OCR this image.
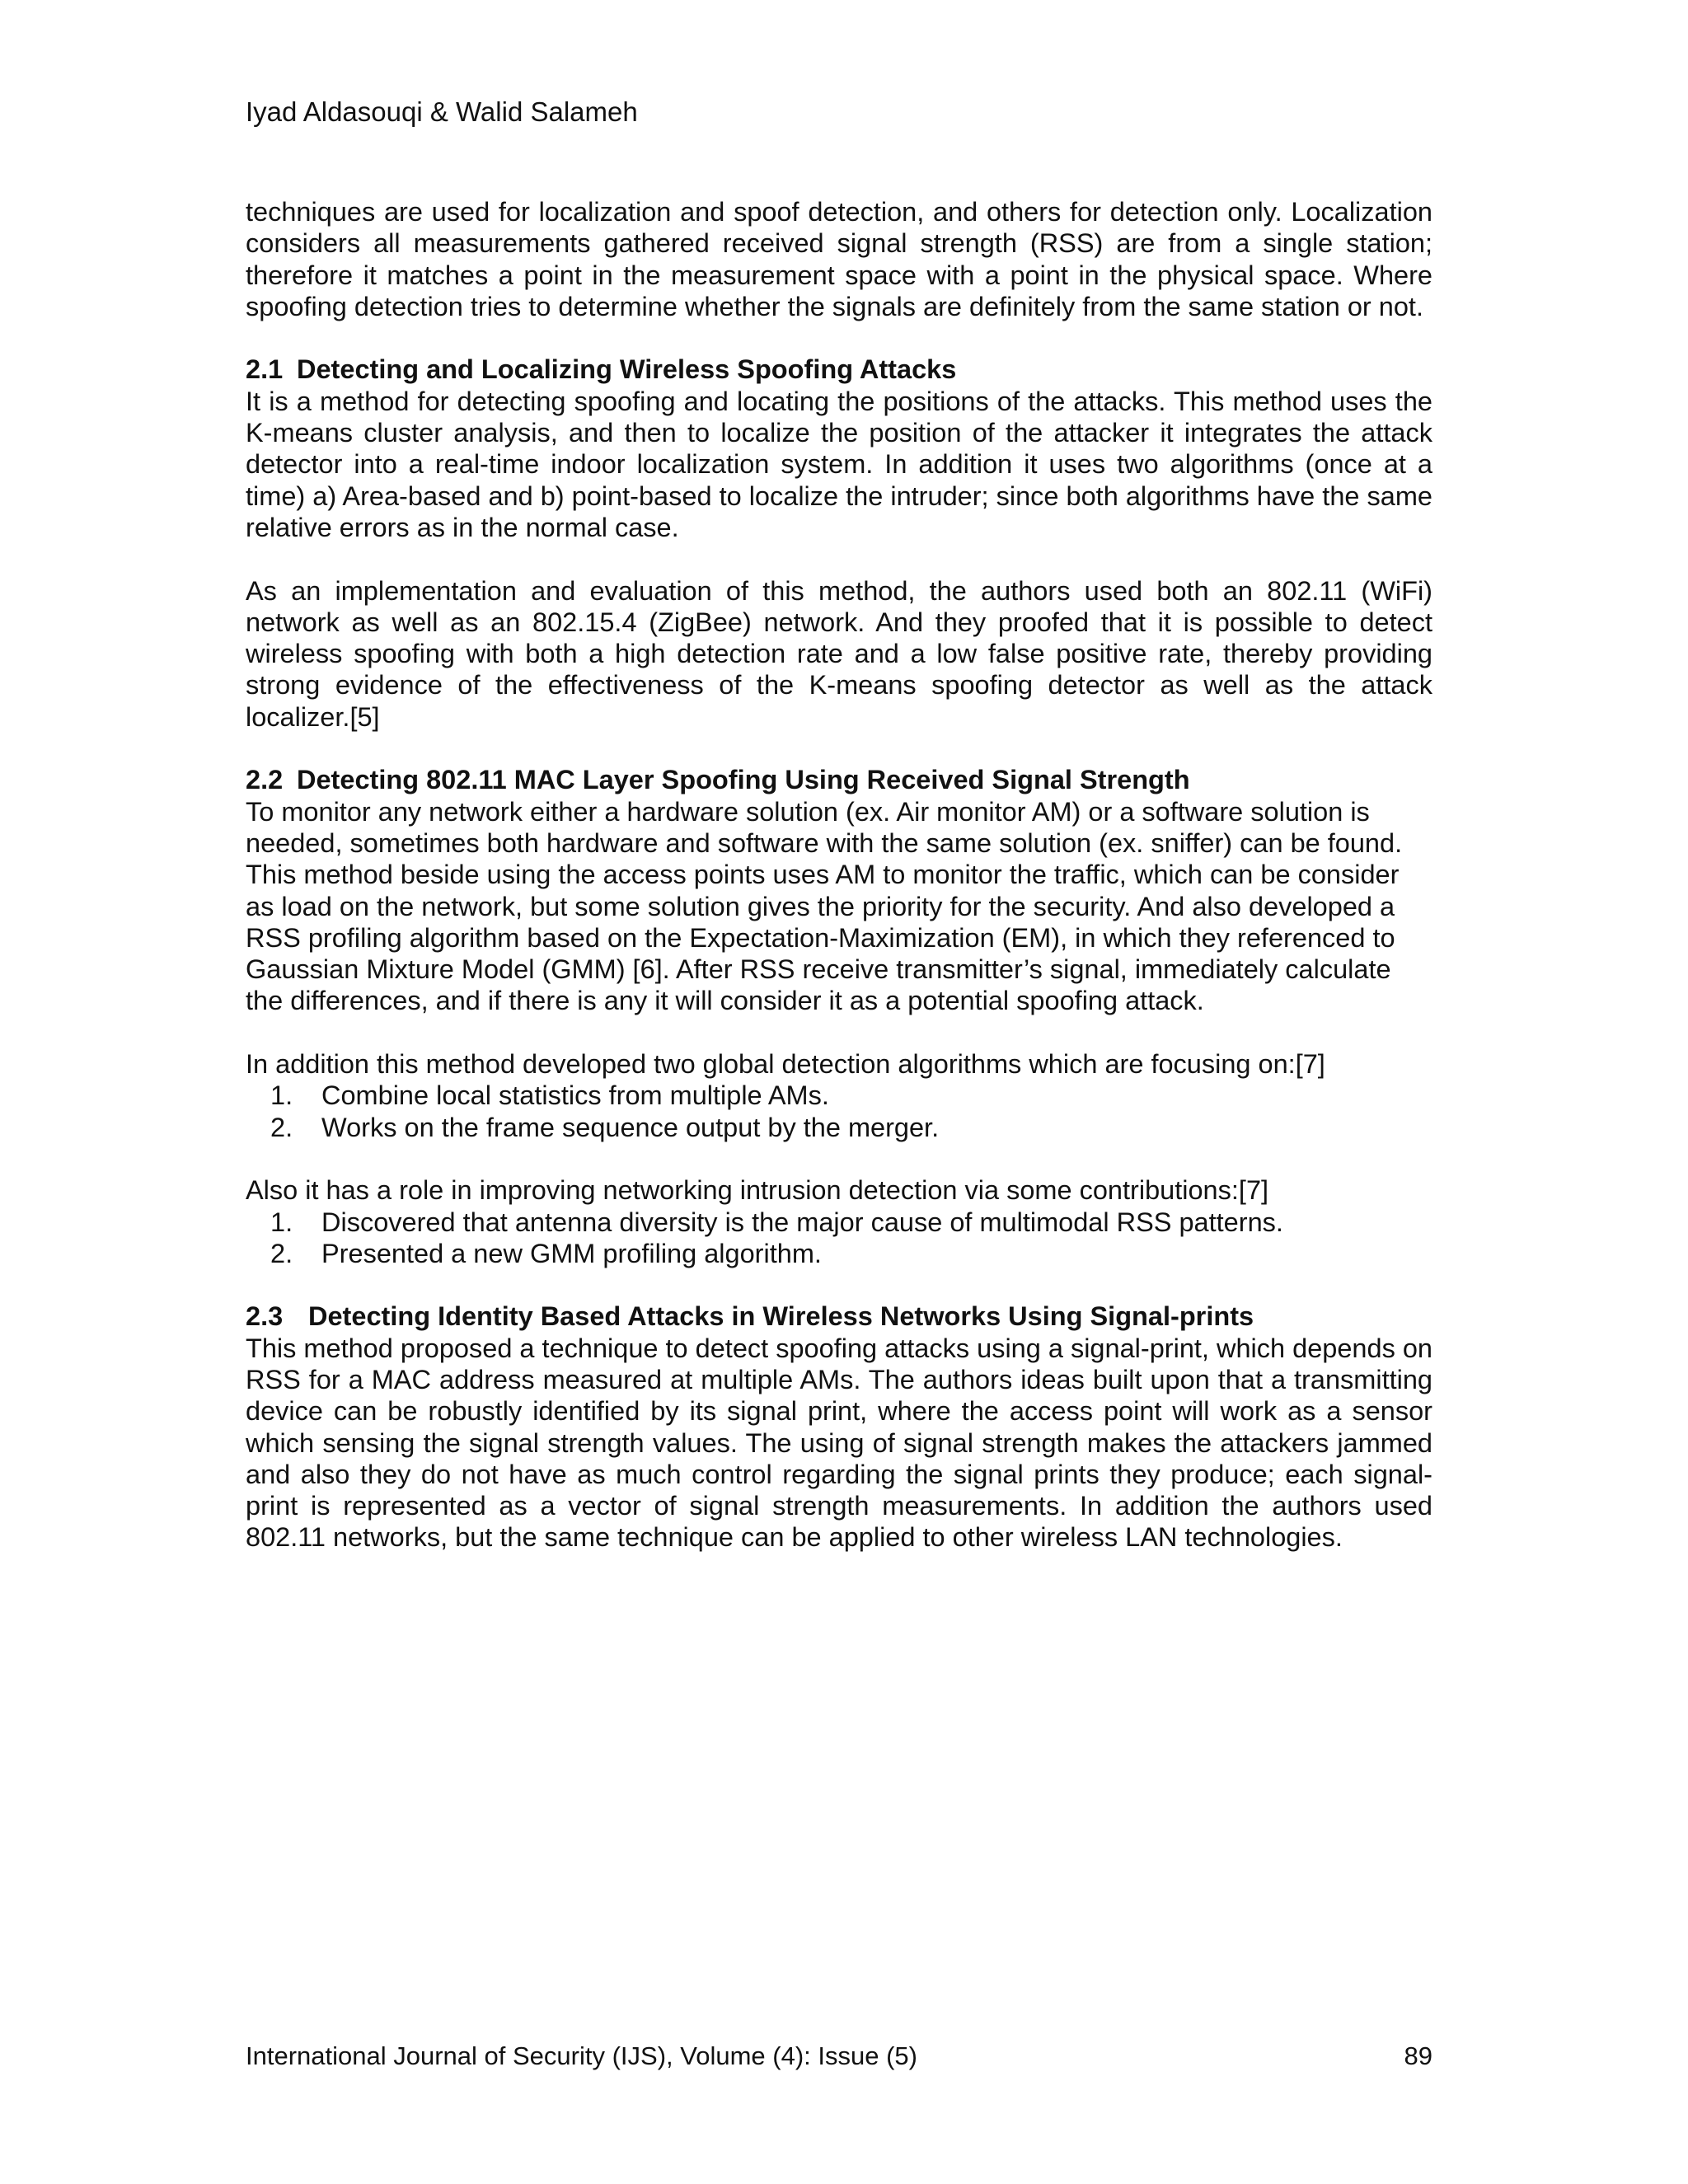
Iyad Aldasouqi & Walid Salameh

techniques are used for localization and spoof detection, and others for detection only. Localization considers all measurements gathered received signal strength (RSS) are from a single station; therefore it matches a point in the measurement space with a point in the physical space. Where spoofing detection tries to determine whether the signals are definitely from the same station or not.

2.1 Detecting and Localizing Wireless Spoofing Attacks

It is a method for detecting spoofing and locating the positions of the attacks. This method uses the K-means cluster analysis, and then to localize the position of the attacker it integrates the attack detector into a real-time indoor localization system. In addition it uses two algorithms (once at a time) a) Area-based and b) point-based to localize the intruder; since both algorithms have the same relative errors as in the normal case.

As an implementation and evaluation of this method, the authors used both an 802.11 (WiFi) network as well as an 802.15.4 (ZigBee) network. And they proofed that it is possible to detect wireless spoofing with both a high detection rate and a low false positive rate, thereby providing strong evidence of the effectiveness of the K-means spoofing detector as well as the attack localizer.[5]

2.2 Detecting 802.11 MAC Layer Spoofing Using Received Signal Strength

To monitor any network either a hardware solution (ex. Air monitor AM) or a software solution is needed, sometimes both hardware and software with the same solution (ex. sniffer) can be found. This method beside using the access points uses AM to monitor the traffic, which can be consider as load on the network, but some solution gives the priority for the security. And also developed a RSS profiling algorithm based on the Expectation-Maximization (EM), in which they referenced to Gaussian Mixture Model (GMM) [6]. After RSS receive transmitter’s signal, immediately calculate the differences, and if there is any it will consider it as a potential spoofing attack.

In addition this method developed two global detection algorithms which are focusing on:[7]

1. Combine local statistics from multiple AMs.
2. Works on the frame sequence output by the merger.

Also it has a role in improving networking intrusion detection via some contributions:[7]

1. Discovered that antenna diversity is the major cause of multimodal RSS patterns.
2. Presented a new GMM profiling algorithm.
2.3 Detecting Identity Based Attacks in Wireless Networks Using Signal-prints

This method proposed a technique to detect spoofing attacks using a signal-print, which depends on RSS for a MAC address measured at multiple AMs. The authors ideas built upon that a transmitting device can be robustly identified by its signal print, where the access point will work as a sensor which sensing the signal strength values. The using of signal strength makes the attackers jammed and also they do not have as much control regarding the signal prints they produce; each signal-print is represented as a vector of signal strength measurements. In addition the authors used 802.11 networks, but the same technique can be applied to other wireless LAN technologies.

International Journal of Security (IJS), Volume (4): Issue (5)	89
